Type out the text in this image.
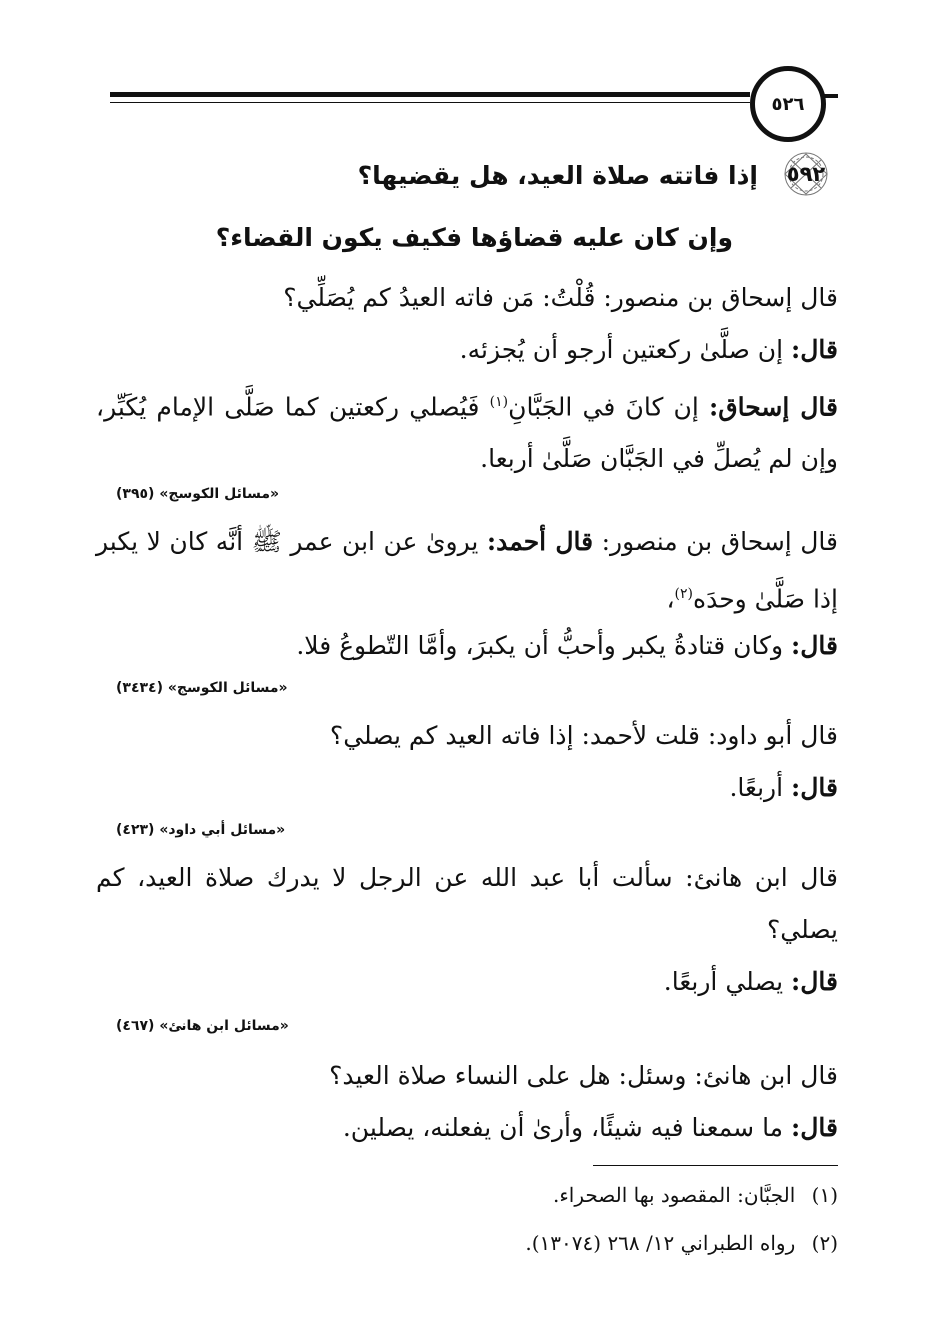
٥٢٦
٥٩٢
إذا فاتته صلاة العيد، هل يقضيها؟
وإن كان عليه قضاؤها فكيف يكون القضاء؟
قال إسحاق بن منصور: قُلْتُ: مَن فاته العيدُ كم يُصَلِّي؟
قال: إن صلَّىٰ ركعتين أرجو أن يُجزئه.
قال إسحاق: إن كانَ في الجَبَّانِ$^{(١)}$ فَيُصلي ركعتين كما صَلَّى الإمام يُكَبِّر، وإن لم يُصلِّ في الجَبَّان صَلَّىٰ أربعا.
«مسائل الكوسج» (٣٩٥)
قال إسحاق بن منصور: قال أحمد: يرویٰ عن ابن عمر ﷺ أنَّه كان لا يكبر إذا صَلَّىٰ وحدَه$^{(٢)}$،
قال: وكان قتادةُ يكبر وأحبُّ أن يكبرَ، وأمَّا التّطوعُ فلا.
«مسائل الكوسج» (٣٤٣٤)
قال أبو داود: قلت لأحمد: إذا فاته العيد كم يصلي؟
قال: أربعًا.
«مسائل أبي داود» (٤٢٣)
قال ابن هانئ: سألت أبا عبد الله عن الرجل لا يدرك صلاة العيد، كم يصلي؟
قال: يصلي أربعًا.
«مسائل ابن هانئ» (٤٦٧)
قال ابن هانئ: وسئل: هل على النساء صلاة العيد؟
قال: ما سمعنا فيه شيئًا، وأرىٰ أن يفعلنه، يصلين.
(١) الجبَّان: المقصود بها الصحراء.
(٢) رواه الطبراني ١٢/ ٢٦٨ (١٣٠٧٤).
